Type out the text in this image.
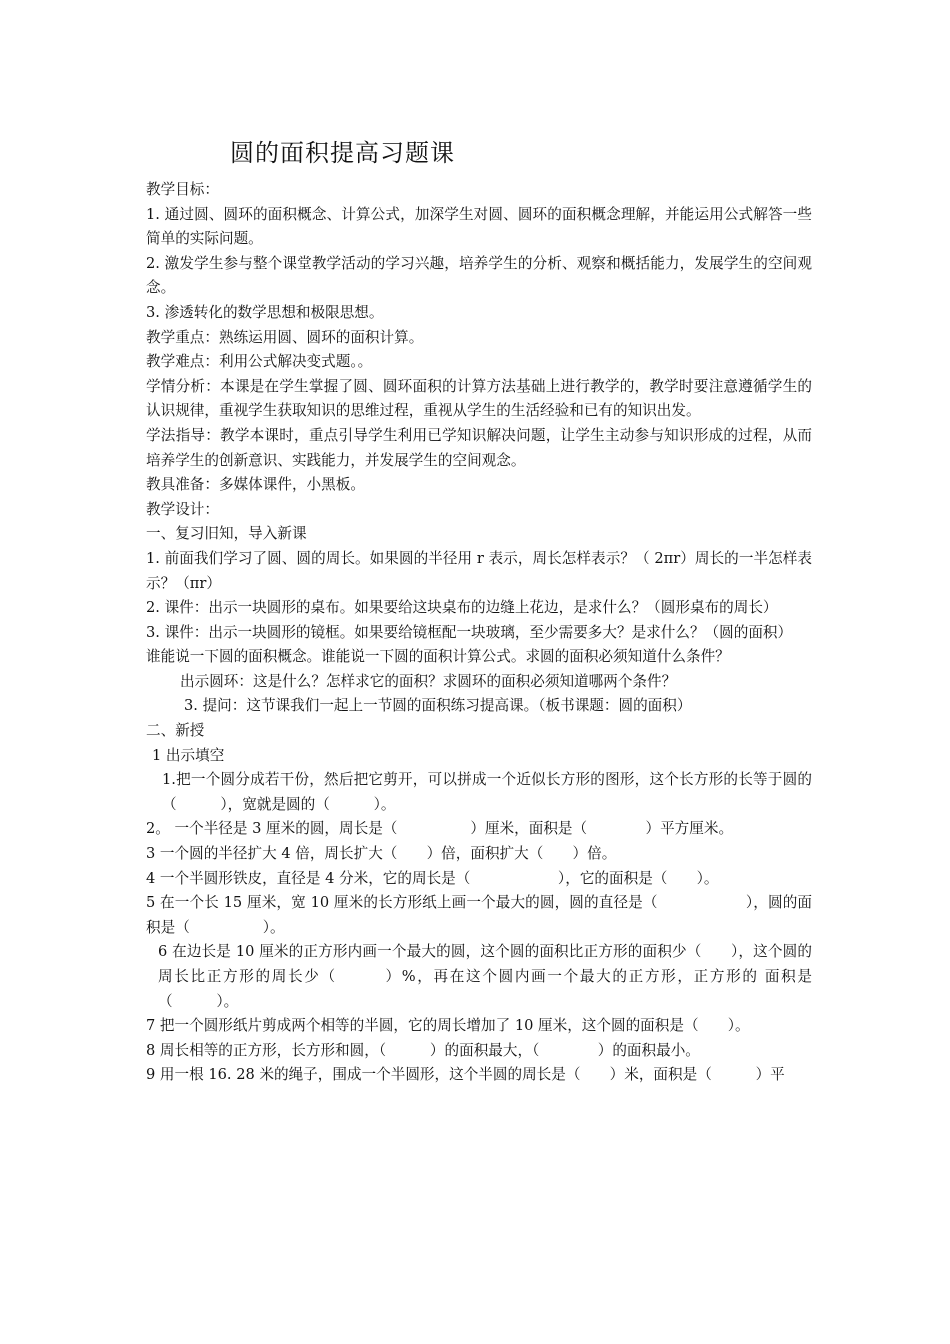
圆的面积提高习题课

教学目标：

1. 通过圆、圆环的面积概念、计算公式，加深学生对圆、圆环的面积概念理解，并能运用公式解答一些简单的实际问题。

2. 激发学生参与整个课堂教学活动的学习兴趣，培养学生的分析、观察和概括能力，发展学生的空间观念。

3. 渗透转化的数学思想和极限思想。

教学重点：熟练运用圆、圆环的面积计算。

教学难点：利用公式解决变式题。。

学情分析：本课是在学生掌握了圆、圆环面积的计算方法基础上进行教学的，教学时要注意遵循学生的认识规律，重视学生获取知识的思维过程，重视从学生的生活经验和已有的知识出发。

学法指导：教学本课时，重点引导学生利用已学知识解决问题，让学生主动参与知识形成的过程，从而培养学生的创新意识、实践能力，并发展学生的空间观念。

教具准备：多媒体课件，小黑板。

教学设计：

一、复习旧知，导入新课

1. 前面我们学习了圆、圆的周长。如果圆的半径用 r 表示，周长怎样表示？（ 2πr）周长的一半怎样表示？（πr）

2. 课件：出示一块圆形的桌布。如果要给这块桌布的边缝上花边，是求什么？（圆形桌布的周长）

3. 课件：出示一块圆形的镜框。如果要给镜框配一块玻璃，至少需要多大？是求什么？（圆的面积）

谁能说一下圆的面积概念。谁能说一下圆的面积计算公式。求圆的面积必须知道什么条件？

出示圆环：这是什么？怎样求它的面积？求圆环的面积必须知道哪两个条件？

3. 提问：这节课我们一起上一节圆的面积练习提高课。（板书课题：圆的面积）

二、新授

1 出示填空

1.把一个圆分成若干份，然后把它剪开，可以拼成一个近似长方形的图形，这个长方形的长等于圆的（　　　），宽就是圆的（　　　）。

2。 一个半径是 3 厘米的圆，周长是（　　　　　）厘米，面积是（　　　　）平方厘米。

3 一个圆的半径扩大 4 倍，周长扩大（　　）倍，面积扩大（　　）倍。

4 一个半圆形铁皮，直径是 4 分米，它的周长是（　　　　　　），它的面积是（　　）。

5 在一个长 15 厘米，宽 10 厘米的长方形纸上画一个最大的圆，圆的直径是（　　　　　　），圆的面积是（　　　　　）。

6 在边长是 10 厘米的正方形内画一个最大的圆，这个圆的面积比正方形的面积少（　　），这个圆的周长比正方形的周长少（　　　）%，再在这个圆内画一个最大的正方形，正方形的 面积是（　　　）。

7 把一个圆形纸片剪成两个相等的半圆，它的周长增加了 10 厘米，这个圆的面积是（　　）。

8 周长相等的正方形，长方形和圆，（　　　）的面积最大，（　　　　）的面积最小。

9 用一根 16. 28 米的绳子，围成一个半圆形，这个半圆的周长是（　　）米，面积是（　　　）平
